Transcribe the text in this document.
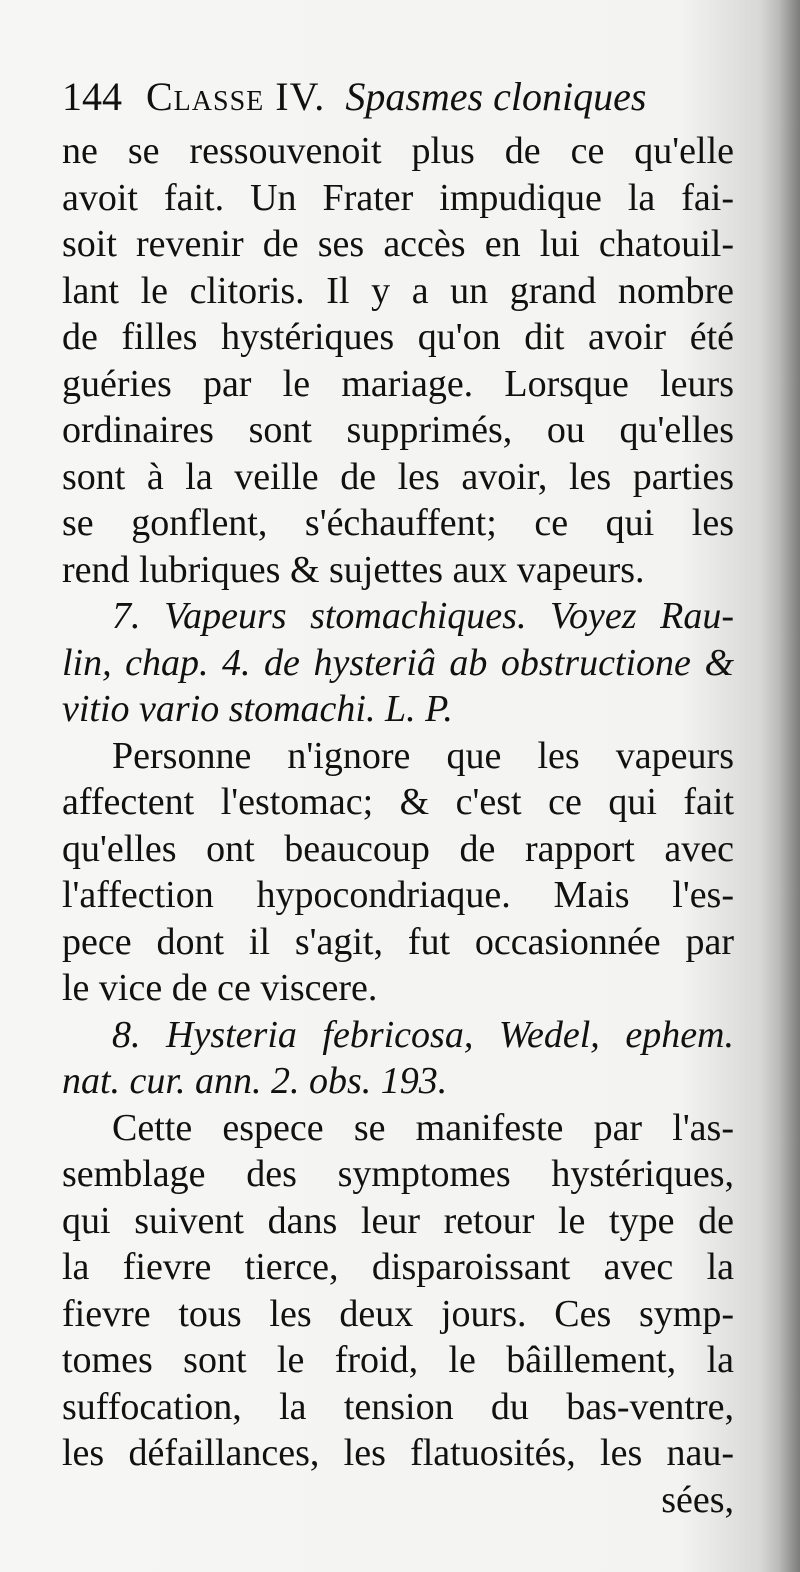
144 Classe IV. Spasmes cloniques
ne se ressouvenoit plus de ce qu'elle
avoit fait. Un Frater impudique la fai-
soit revenir de ses accès en lui chatouil-
lant le clitoris. Il y a un grand nombre
de filles hystériques qu'on dit avoir été
guéries par le mariage. Lorsque leurs
ordinaires sont supprimés, ou qu'elles
sont à la veille de les avoir, les parties
se gonflent, s'échauffent; ce qui les
rend lubriques & sujettes aux vapeurs.
7. Vapeurs stomachiques. Voyez Rau-
lin, chap. 4. de hysteriâ ab obstructione &
vitio vario stomachi. L. P.
Personne n'ignore que les vapeurs
affectent l'estomac; & c'est ce qui fait
qu'elles ont beaucoup de rapport avec
l'affection hypocondriaque. Mais l'es-
pece dont il s'agit, fut occasionnée par
le vice de ce viscere.
8. Hysteria febricosa, Wedel, ephem.
nat. cur. ann. 2. obs. 193.
Cette espece se manifeste par l'as-
semblage des symptomes hystériques,
qui suivent dans leur retour le type de
la fievre tierce, disparoissant avec la
fievre tous les deux jours. Ces symp-
tomes sont le froid, le bâillement, la
suffocation, la tension du bas-ventre,
les défaillances, les flatuosités, les nau-
sées,
